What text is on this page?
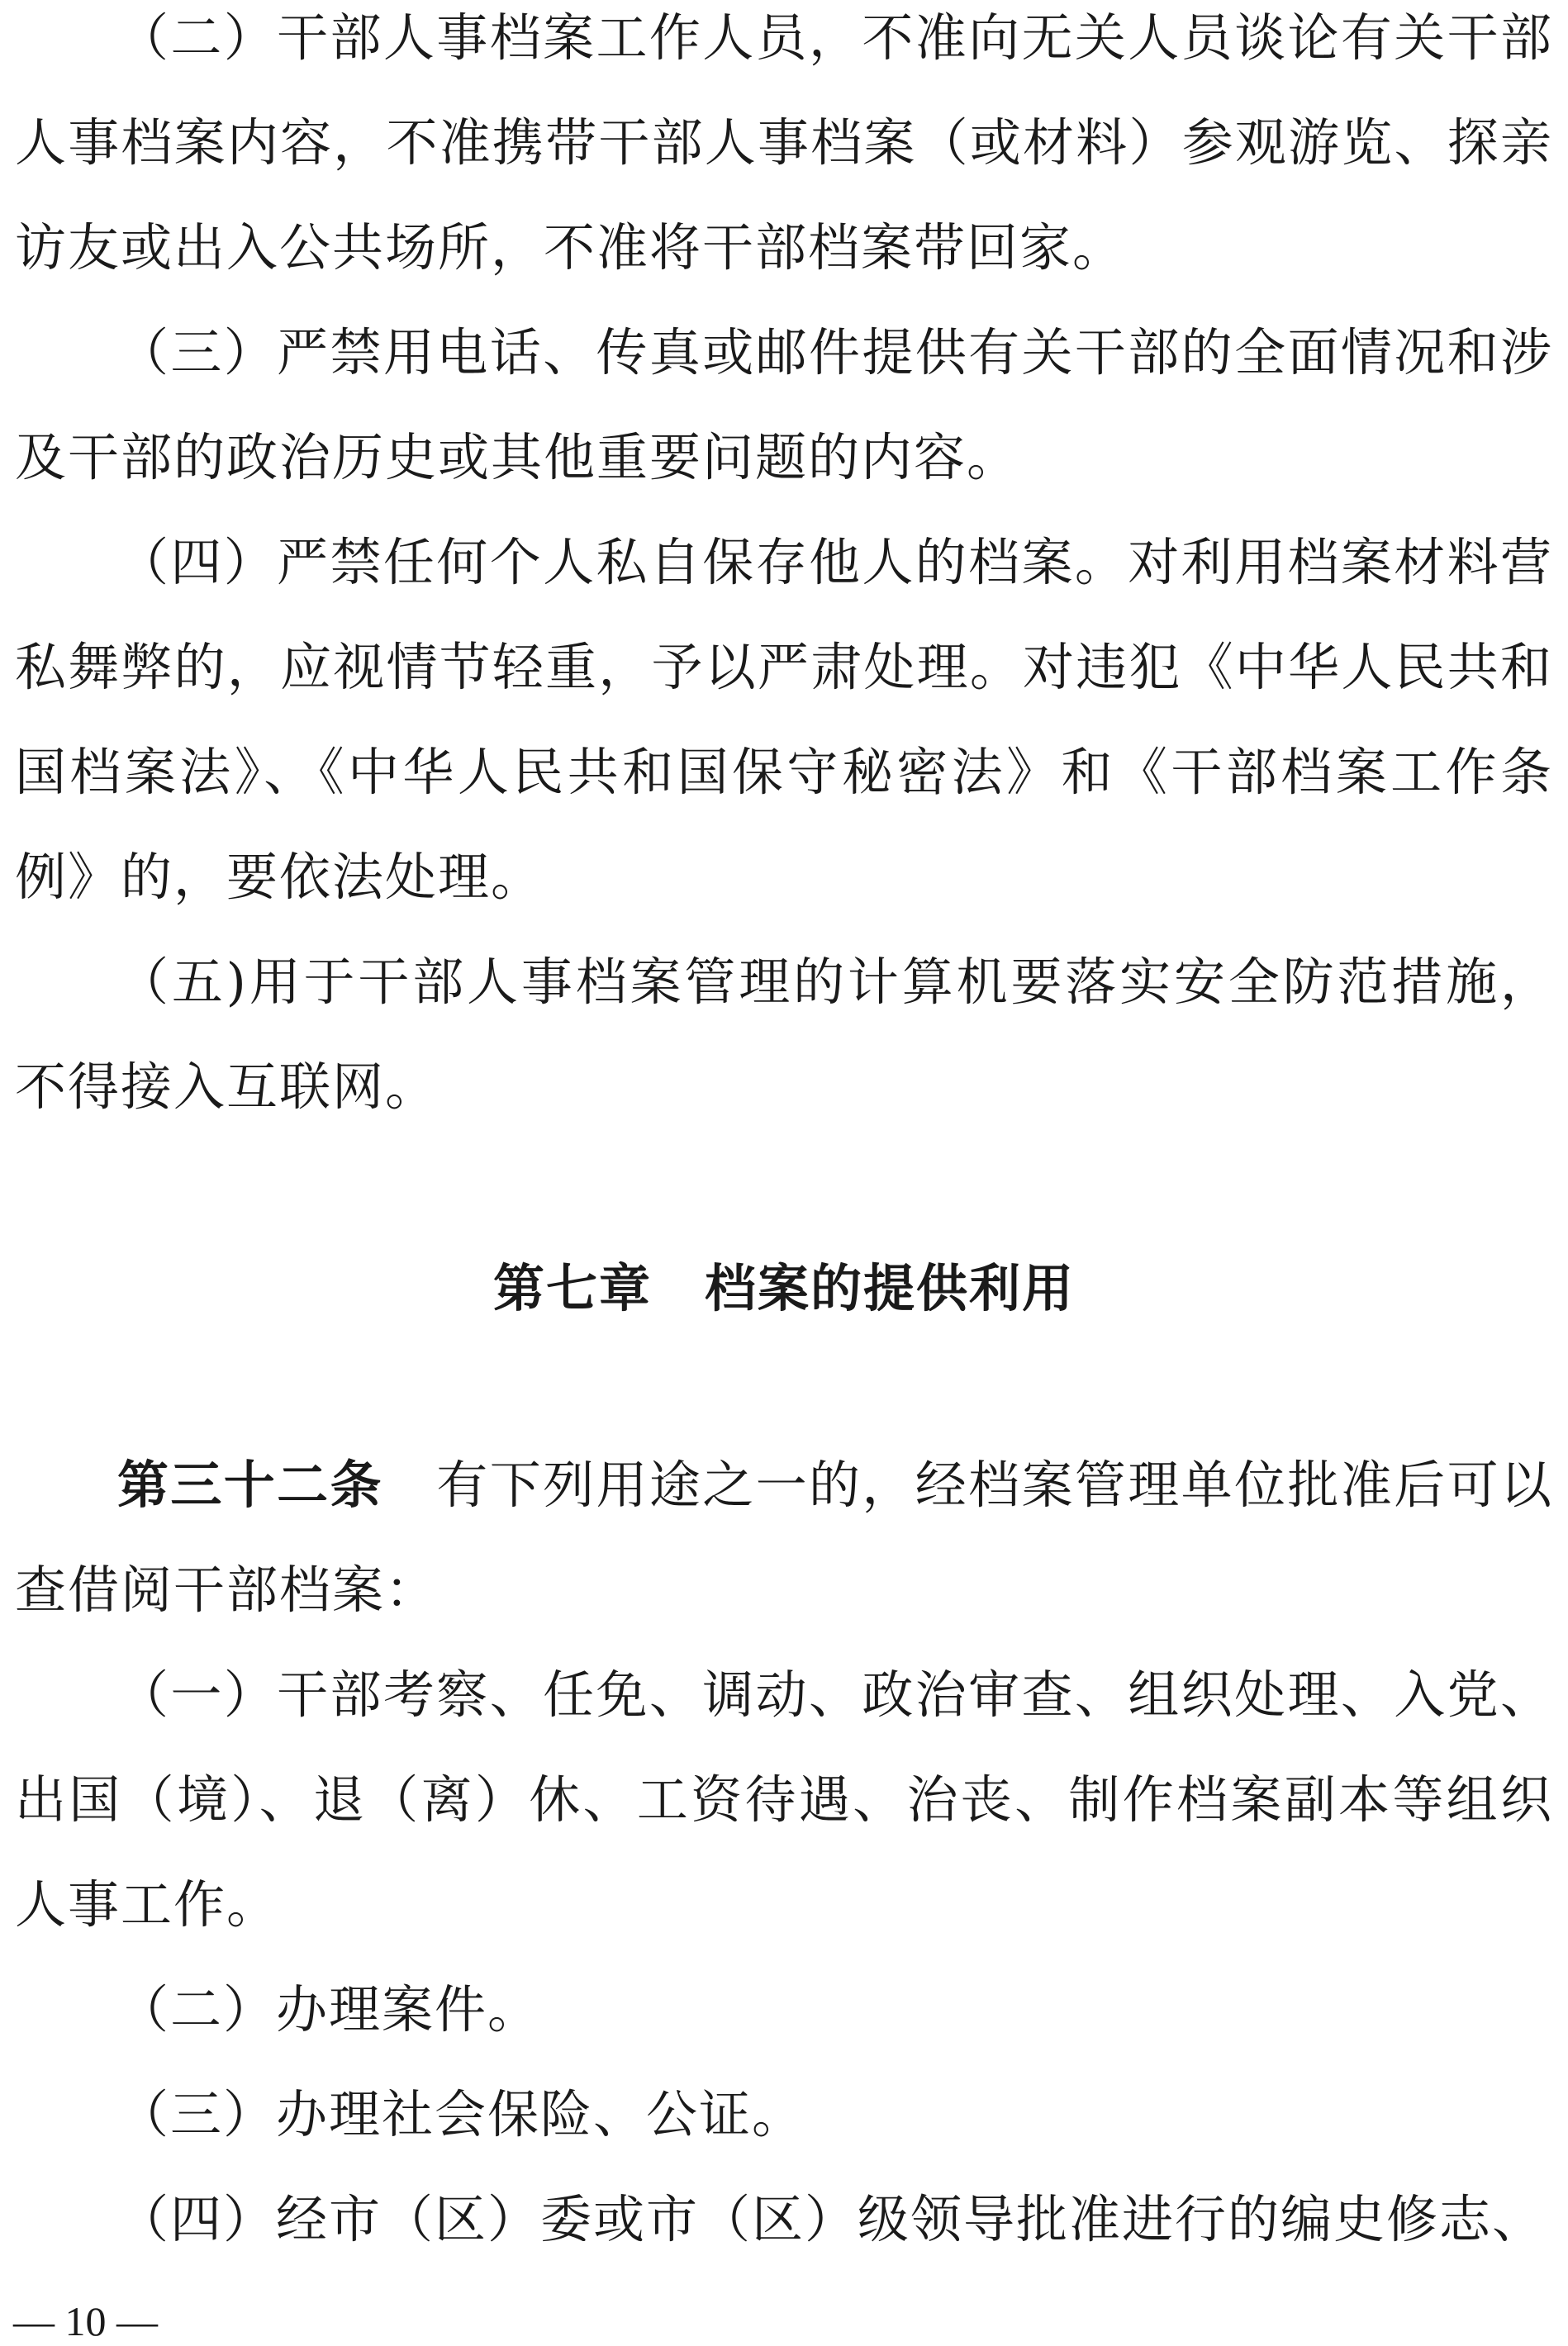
（二）干部人事档案工作人员，不准向无关人员谈论有关干部人事档案内容，不准携带干部人事档案（或材料）参观游览、探亲访友或出入公共场所，不准将干部档案带回家。

（三）严禁用电话、传真或邮件提供有关干部的全面情况和涉及干部的政治历史或其他重要问题的内容。

（四）严禁任何个人私自保存他人的档案。对利用档案材料营私舞弊的，应视情节轻重，予以严肃处理。对违犯《中华人民共和国档案法》、《中华人民共和国保守秘密法》和《干部档案工作条例》的，要依法处理。

（五)用于干部人事档案管理的计算机要落实安全防范措施，不得接入互联网。

第七章　档案的提供利用

第三十二条　有下列用途之一的，经档案管理单位批准后可以查借阅干部档案：

（一）干部考察、任免、调动、政治审查、组织处理、入党、出国（境）、退（离）休、工资待遇、治丧、制作档案副本等组织人事工作。

（二）办理案件。

（三）办理社会保险、公证。

（四）经市（区）委或市（区）级领导批准进行的编史修志、

— 10 —
